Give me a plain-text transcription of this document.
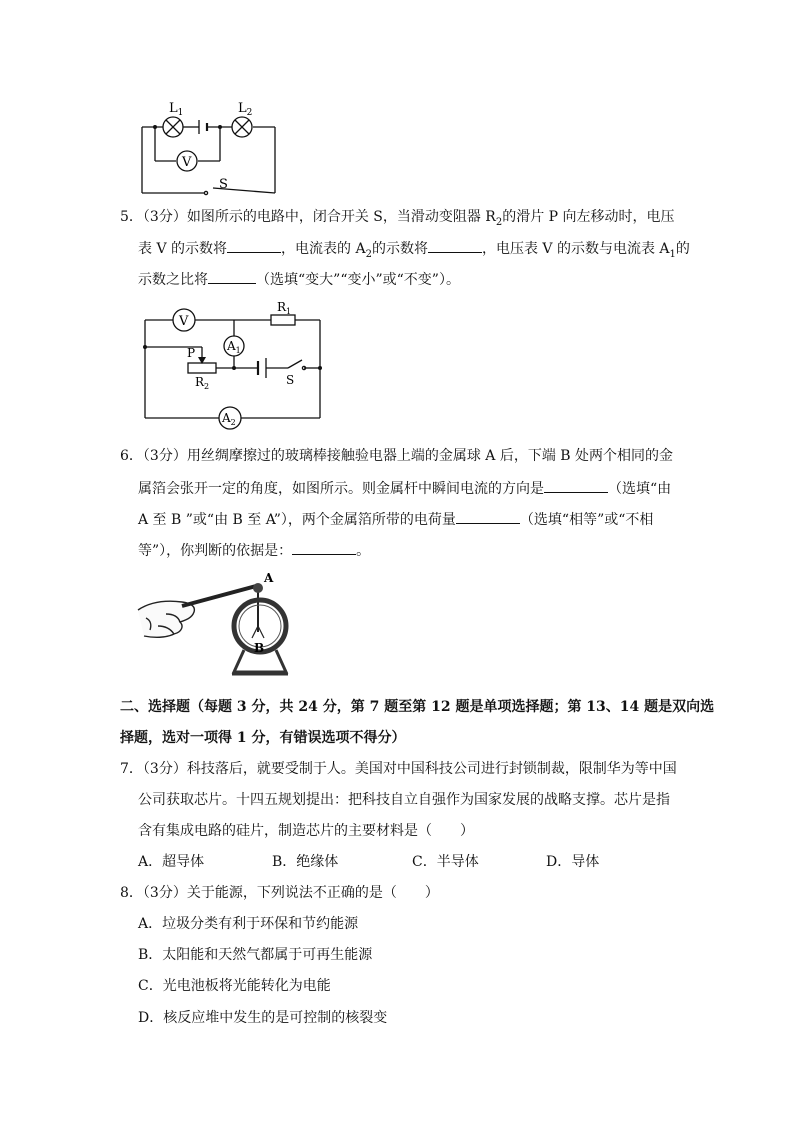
$L_1$	$L_2$
V
S
5．（3分）如图所示的电路中，闭合开关 S，当滑动变阻器 $R_2$的滑片 P 向左移动时，电压
表 V 的示数将	，电流表的 $A_2$的示数将	，电压表 V 的示数与电流表 $A_1$的
示数之比将	（选填“变大”“变小”或“不变”）。
V
$R_1$
$A_1$
P
$R_2$	S
$A_2$
6．（3分）用丝绸摩擦过的玻璃棒接触验电器上端的金属球 A 后，下端 B 处两个相同的金
属箔会张开一定的角度，如图所示。则金属杆中瞬间电流的方向是	（选填“由
A 至 B ”或“由 B 至 A”），两个金属箔所带的电荷量	（选填“相等”或“不相
等”），你判断的依据是：	。
A
B
二、选择题（每题 3 分，共 24 分，第 7 题至第 12 题是单项选择题；第 13、14 题是双向选
择题，选对一项得 1 分，有错误选项不得分）
7．（3分）科技落后，就要受制于人。美国对中国科技公司进行封锁制裁，限制华为等中国
公司获取芯片。十四五规划提出：把科技自立自强作为国家发展的战略支撑。芯片是指
含有集成电路的硅片，制造芯片的主要材料是（　　）
A．超导体	B．绝缘体	C．半导体	D．导体
8．（3分）关于能源，下列说法不正确的是（　　）
A．垃圾分类有利于环保和节约能源
B．太阳能和天然气都属于可再生能源
C．光电池板将光能转化为电能
D．核反应堆中发生的是可控制的核裂变
